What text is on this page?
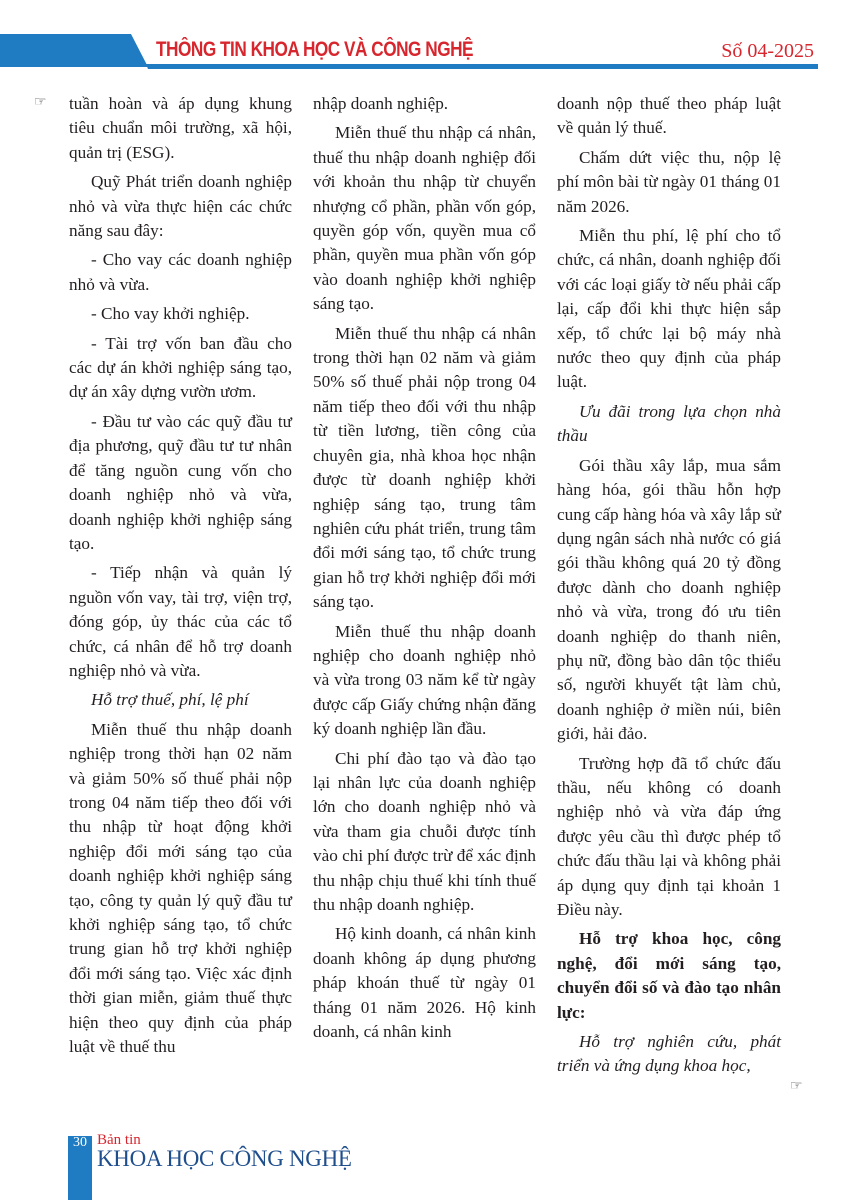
THÔNG TIN KHOA HỌC VÀ CÔNG NGHỆ	Số 04-2025
☞ tuần hoàn và áp dụng khung tiêu chuẩn môi trường, xã hội, quản trị (ESG).

Quỹ Phát triển doanh nghiệp nhỏ và vừa thực hiện các chức năng sau đây:

- Cho vay các doanh nghiệp nhỏ và vừa.

- Cho vay khởi nghiệp.

- Tài trợ vốn ban đầu cho các dự án khởi nghiệp sáng tạo, dự án xây dựng vườn ươm.

- Đầu tư vào các quỹ đầu tư địa phương, quỹ đầu tư tư nhân để tăng nguồn cung vốn cho doanh nghiệp nhỏ và vừa, doanh nghiệp khởi nghiệp sáng tạo.

- Tiếp nhận và quản lý nguồn vốn vay, tài trợ, viện trợ, đóng góp, ủy thác của các tổ chức, cá nhân để hỗ trợ doanh nghiệp nhỏ và vừa.

Hỗ trợ thuế, phí, lệ phí

Miễn thuế thu nhập doanh nghiệp trong thời hạn 02 năm và giảm 50% số thuế phải nộp trong 04 năm tiếp theo đối với thu nhập từ hoạt động khởi nghiệp đổi mới sáng tạo của doanh nghiệp khởi nghiệp sáng tạo, công ty quản lý quỹ đầu tư khởi nghiệp sáng tạo, tổ chức trung gian hỗ trợ khởi nghiệp đổi mới sáng tạo. Việc xác định thời gian miễn, giảm thuế thực hiện theo quy định của pháp luật về thuế thu

nhập doanh nghiệp.

Miễn thuế thu nhập cá nhân, thuế thu nhập doanh nghiệp đối với khoản thu nhập từ chuyển nhượng cổ phần, phần vốn góp, quyền góp vốn, quyền mua cổ phần, quyền mua phần vốn góp vào doanh nghiệp khởi nghiệp sáng tạo.

Miễn thuế thu nhập cá nhân trong thời hạn 02 năm và giảm 50% số thuế phải nộp trong 04 năm tiếp theo đối với thu nhập từ tiền lương, tiền công của chuyên gia, nhà khoa học nhận được từ doanh nghiệp khởi nghiệp sáng tạo, trung tâm nghiên cứu phát triển, trung tâm đổi mới sáng tạo, tổ chức trung gian hỗ trợ khởi nghiệp đổi mới sáng tạo.

Miễn thuế thu nhập doanh nghiệp cho doanh nghiệp nhỏ và vừa trong 03 năm kể từ ngày được cấp Giấy chứng nhận đăng ký doanh nghiệp lần đầu.

Chi phí đào tạo và đào tạo lại nhân lực của doanh nghiệp lớn cho doanh nghiệp nhỏ và vừa tham gia chuỗi được tính vào chi phí được trừ để xác định thu nhập chịu thuế khi tính thuế thu nhập doanh nghiệp.

Hộ kinh doanh, cá nhân kinh doanh không áp dụng phương pháp khoán thuế từ ngày 01 tháng 01 năm 2026. Hộ kinh doanh, cá nhân kinh

doanh nộp thuế theo pháp luật về quản lý thuế.

Chấm dứt việc thu, nộp lệ phí môn bài từ ngày 01 tháng 01 năm 2026.

Miễn thu phí, lệ phí cho tổ chức, cá nhân, doanh nghiệp đối với các loại giấy tờ nếu phải cấp lại, cấp đổi khi thực hiện sắp xếp, tổ chức lại bộ máy nhà nước theo quy định của pháp luật.

Ưu đãi trong lựa chọn nhà thầu

Gói thầu xây lắp, mua sắm hàng hóa, gói thầu hỗn hợp cung cấp hàng hóa và xây lắp sử dụng ngân sách nhà nước có giá gói thầu không quá 20 tỷ đồng được dành cho doanh nghiệp nhỏ và vừa, trong đó ưu tiên doanh nghiệp do thanh niên, phụ nữ, đồng bào dân tộc thiểu số, người khuyết tật làm chủ, doanh nghiệp ở miền núi, biên giới, hải đảo.

Trường hợp đã tổ chức đấu thầu, nếu không có doanh nghiệp nhỏ và vừa đáp ứng được yêu cầu thì được phép tổ chức đấu thầu lại và không phải áp dụng quy định tại khoản 1 Điều này.

Hỗ trợ khoa học, công nghệ, đổi mới sáng tạo, chuyển đổi số và đào tạo nhân lực:

Hỗ trợ nghiên cứu, phát triển và ứng dụng khoa học,

☞
30 Bản tin
KHOA HỌC CÔNG NGHỆ
